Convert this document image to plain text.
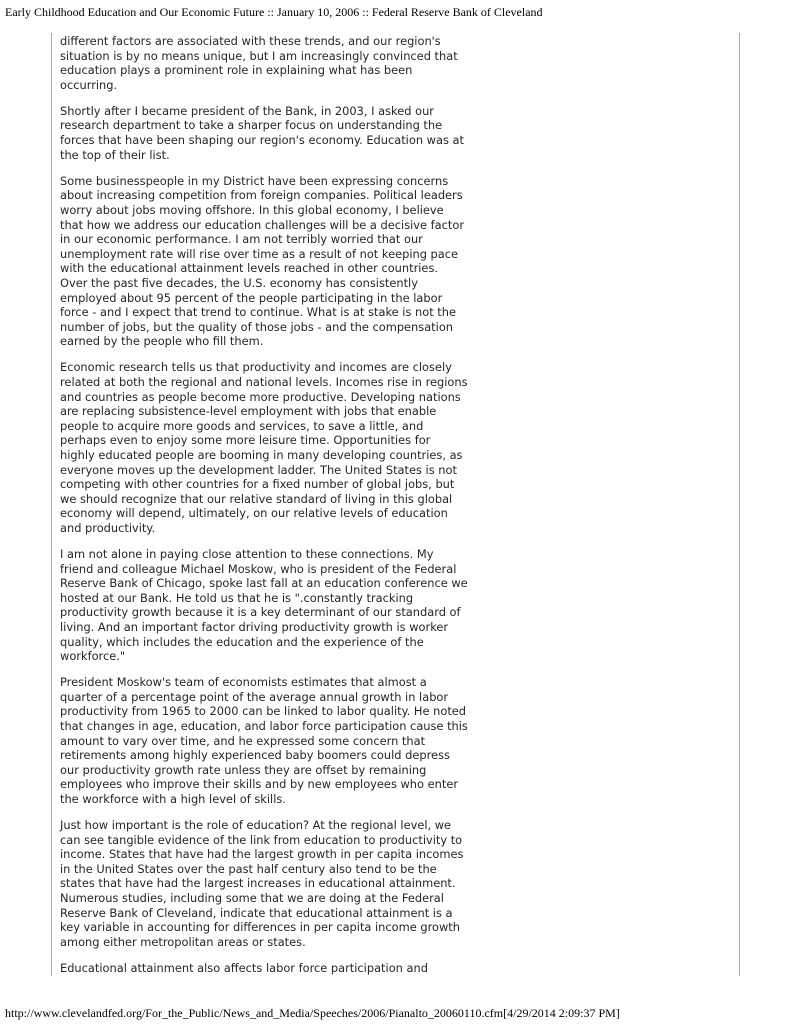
Early Childhood Education and Our Economic Future :: January 10, 2006 :: Federal Reserve Bank of Cleveland

different factors are associated with these trends, and our region's situation is by no means unique, but I am increasingly convinced that education plays a prominent role in explaining what has been occurring.

Shortly after I became president of the Bank, in 2003, I asked our research department to take a sharper focus on understanding the forces that have been shaping our region's economy. Education was at the top of their list.

Some businesspeople in my District have been expressing concerns about increasing competition from foreign companies. Political leaders worry about jobs moving offshore. In this global economy, I believe that how we address our education challenges will be a decisive factor in our economic performance. I am not terribly worried that our unemployment rate will rise over time as a result of not keeping pace with the educational attainment levels reached in other countries. Over the past five decades, the U.S. economy has consistently employed about 95 percent of the people participating in the labor force - and I expect that trend to continue. What is at stake is not the number of jobs, but the quality of those jobs - and the compensation earned by the people who fill them.

Economic research tells us that productivity and incomes are closely related at both the regional and national levels. Incomes rise in regions and countries as people become more productive. Developing nations are replacing subsistence-level employment with jobs that enable people to acquire more goods and services, to save a little, and perhaps even to enjoy some more leisure time. Opportunities for highly educated people are booming in many developing countries, as everyone moves up the development ladder. The United States is not competing with other countries for a fixed number of global jobs, but we should recognize that our relative standard of living in this global economy will depend, ultimately, on our relative levels of education and productivity.

I am not alone in paying close attention to these connections. My friend and colleague Michael Moskow, who is president of the Federal Reserve Bank of Chicago, spoke last fall at an education conference we hosted at our Bank. He told us that he is ".constantly tracking productivity growth because it is a key determinant of our standard of living. And an important factor driving productivity growth is worker quality, which includes the education and the experience of the workforce."

President Moskow's team of economists estimates that almost a quarter of a percentage point of the average annual growth in labor productivity from 1965 to 2000 can be linked to labor quality. He noted that changes in age, education, and labor force participation cause this amount to vary over time, and he expressed some concern that retirements among highly experienced baby boomers could depress our productivity growth rate unless they are offset by remaining employees who improve their skills and by new employees who enter the workforce with a high level of skills.

Just how important is the role of education? At the regional level, we can see tangible evidence of the link from education to productivity to income. States that have had the largest growth in per capita incomes in the United States over the past half century also tend to be the states that have had the largest increases in educational attainment. Numerous studies, including some that we are doing at the Federal Reserve Bank of Cleveland, indicate that educational attainment is a key variable in accounting for differences in per capita income growth among either metropolitan areas or states.

Educational attainment also affects labor force participation and

http://www.clevelandfed.org/For_the_Public/News_and_Media/Speeches/2006/Pianalto_20060110.cfm[4/29/2014 2:09:37 PM]
